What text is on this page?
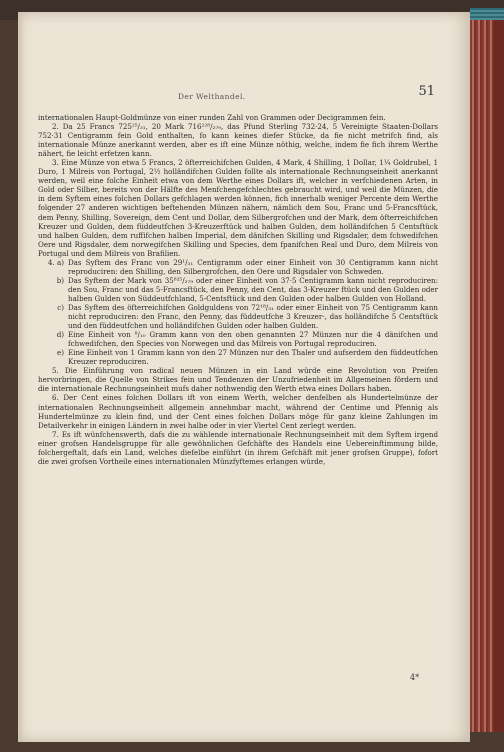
Der Welthandel.	51

internationalen Haupt-Goldmünze von einer runden Zahl von Grammen oder Decigrammen fein.

2. Da 25 Francs 725²⁵/₃₁, 20 Mark 716²²⁸/₂₇₉, das Pfund Sterling 732·24, 5 Vereinigte Staaten-Dollars 752·31 Centigramm fein Gold enthalten, fo kann keines diefer Stücke, da fie nicht metrifch find, als internationale Münze anerkannt werden, aber es ift eine Münze nöthig, welche, indem fie fich ihrem Werthe nähert, fie leicht erfetzen kann.

3. Eine Münze von etwa 5 Francs, 2 öfterreichifchen Gulden, 4 Mark, 4 Shilling, 1 Dollar, 1¼ Goldrubel, 1 Duro, 1 Milreis von Portugal, 2½ holländifchen Gulden follte als internationale Rechnungseinheit anerkannt werden, weil eine folche Einheit etwa von dem Werthe eines Dollars ift, welcher in verfchiedenen Arten, in Gold oder Silber, bereits von der Hälfte des Menfchengefchlechtes gebraucht wird, und weil die Münzen, die in dem Syftem eines folchen Dollars gefchlagen werden können, fich innerhalb weniger Percente dem Werthe folgender 27 anderen wichtigen beftehenden Münzen nähern, nämlich dem Sou, Franc und 5-Francsftück, dem Penny, Shilling, Sovereign, dem Cent und Dollar, dem Silbergrofchen und der Mark, dem öfterreichifchen Kreuzer und Gulden, dem füddeutfchen 3-Kreuzerftück und halben Gulden, dem holländifchen 5 Centsftück und halben Gulden, dem ruffifchen halben Imperial, dem dänifchen Skilling und Rigsdaler, dem fchwedifchen Oere und Rigsdaler, dem norwegifchen Skilling und Species, dem fpanifchen Real und Duro, dem Milreis von Portugal und dem Milreis von Brafilien.

4. a) Das Syftem des Franc von 29¹/₃₁ Centigramm oder einer Einheit von 30 Centigramm kann nicht reproduciren: den Shilling, den Silbergrofchen, den Oere und Rigsdaler von Schweden.
b) Das Syftem der Mark von 35⁸²⁵/₂₇₉ oder einer Einheit von 37·5 Centigramm kann nicht reproduciren: den Sou, Franc und das 5-Francsftück, den Penny, den Cent, das 3-Kreuzer ftück und den Gulden oder halben Gulden von Süddeutfchland, 5-Centsftück und den Gulden oder halben Gulden von Holland.
c) Das Syftem des öfterreichifchen Goldguldens von 72¹⁸/₃₁ oder einer Einheit von 75 Centigramm kann nicht reproduciren: den Franc, den Penny, das füddeutfche 3 Kreuzer-, das holländifche 5 Centsftück und den füddeutfchen und holländifchen Gulden oder halben Gulden.
d) Eine Einheit von ⁸/₁₀ Gramm kann von den oben genannten 27 Münzen nur die 4 dänifchen und fchwedifchen, den Species von Norwegen und das Milreis von Portugal reproduciren.
e) Eine Einheit von 1 Gramm kann von den 27 Münzen nur den Thaler und aufserdem den füddeutfchen Kreuzer reproduciren.

5. Die Einführung von radical neuen Münzen in ein Land würde eine Revolution von Preifen hervorbringen, die Quelle von Strikes fein und Tendenzen der Unzufriedenheit im Allgemeinen fördern und die internationale Rechnungseinheit mufs daher nothwendig den Werth etwa eines Dollars haben.

6. Der Cent eines folchen Dollars ift von einem Werth, welcher denfelben als Hundertelmünze der internationalen Rechnungseinheit allgemein annehmbar macht, während der Centime und Pfennig als Hundertelmünze zu klein find, und der Cent eines folchen Dollars möge für ganz kleine Zahlungen im Detailverkehr in einigen Ländern in zwei halbe oder in vier Viertel Cent zerlegt werden.

7. Es ift wünfchenswerth, dafs die zu wählende internationale Rechnungseinheit mit dem Syftem irgend einer grofsen Handelsgruppe für alle gewöhnlichen Gefchäfte des Handels eine Uebereinftimmung bilde, folchergeftalt, dafs ein Land, welches diefelbe einführt (in ihrem Gefchäft mit jener grofsen Gruppe), fofort die zwei grofsen Vortheile eines internationalen Münzfyftemes erlangen würde,

4*
